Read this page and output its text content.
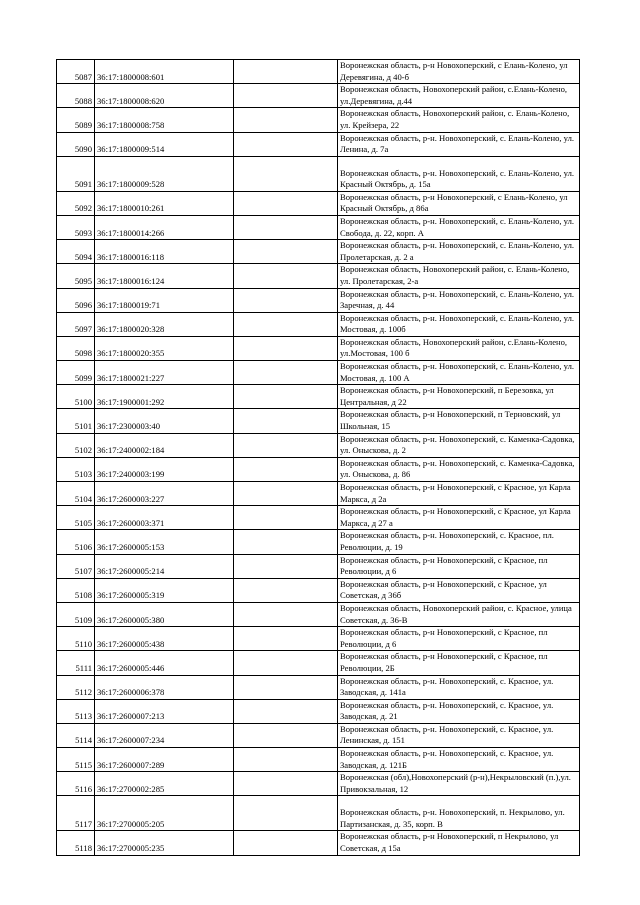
5087	36:17:1800008:601		Воронежская область, р-н Новохоперский, с Елань-Колено, ул Деревягина, д 40-б
5088	36:17:1800008:620		Воронежская область, Новохоперский район, с.Елань-Колено, ул.Деревягина, д.44
5089	36:17:1800008:758		Воронежская область, Новохоперский район, с. Елань-Колено, ул. Крейзера, 22
5090	36:17:1800009:514		Воронежская область, р-н. Новохоперский, с. Елань-Колено, ул. Ленина, д. 7а
5091	36:17:1800009:528		Воронежская область, р-н. Новохоперский, с. Елань-Колено, ул. Красный Октябрь, д. 15а
5092	36:17:1800010:261		Воронежская область, р-н Новохоперский, с Елань-Колено, ул Красный Октябрь, д 86а
5093	36:17:1800014:266		Воронежская область, р-н. Новохоперский, с. Елань-Колено, ул. Свобода, д. 22, корп. А
5094	36:17:1800016:118		Воронежская область, р-н. Новохоперский, с. Елань-Колено, ул. Пролетарская, д. 2 а
5095	36:17:1800016:124		Воронежская область, Новохоперский район, с. Елань-Колено, ул. Пролетарская, 2-а
5096	36:17:1800019:71		Воронежская область, р-н. Новохоперский, с. Елань-Колено, ул. Заречная, д. 44
5097	36:17:1800020:328		Воронежская область, р-н. Новохоперский, с. Елань-Колено, ул. Мостовая, д. 100б
5098	36:17:1800020:355		Воронежская область, Новохоперский район, с.Елань-Колено, ул.Мостовая, 100 б
5099	36:17:1800021:227		Воронежская область, р-н. Новохоперский, с. Елань-Колено, ул. Мостовая, д. 100 А
5100	36:17:1900001:292		Воронежская область, р-н Новохоперский, п Березовка, ул Центральная, д 22
5101	36:17:2300003:40		Воронежская область, р-н Новохоперский, п Терновский, ул Школьная, 15
5102	36:17:2400002:184		Воронежская область, р-н. Новохоперский, с. Каменка-Садовка, ул. Оныскова, д. 2
5103	36:17:2400003:199		Воронежская область, р-н. Новохоперский, с. Каменка-Садовка, ул. Оныскова, д. 86
5104	36:17:2600003:227		Воронежская область, р-н Новохоперский, с Красное, ул Карла Маркса, д 2а
5105	36:17:2600003:371		Воронежская область, р-н Новохоперский, с Красное, ул Карла Маркса, д 27 а
5106	36:17:2600005:153		Воронежская область, р-н. Новохоперский, с. Красное, пл. Революции, д. 19
5107	36:17:2600005:214		Воронежская область, р-н Новохоперский, с Красное, пл Революции, д 6
5108	36:17:2600005:319		Воронежская область, р-н Новохоперский, с Красное, ул Советская, д 36б
5109	36:17:2600005:380		Воронежская область, Новохоперский район, с. Красное, улица Советская, д. 36-В
5110	36:17:2600005:438		Воронежская область, р-н Новохоперский, с Красное, пл Революции, д 6
5111	36:17:2600005:446		Воронежская область, р-н Новохоперский, с Красное, пл Революции, 2Б
5112	36:17:2600006:378		Воронежская область, р-н. Новохоперский, с. Красное, ул. Заводская, д. 141а
5113	36:17:2600007:213		Воронежская область, р-н. Новохоперский, с. Красное, ул. Заводская, д. 21
5114	36:17:2600007:234		Воронежская область, р-н. Новохоперский, с. Красное, ул. Ленинская, д. 151
5115	36:17:2600007:289		Воронежская область, р-н. Новохоперский, с. Красное, ул. Заводская, д. 121Б
5116	36:17:2700002:285		Воронежская (обл),Новохоперский (р-н),Некрыловский (п.),ул. Привокзальная, 12
5117	36:17:2700005:205		Воронежская область, р-н. Новохоперский, п. Некрылово, ул. Партизанская, д. 35, корп. В
5118	36:17:2700005:235		Воронежская область, р-н Новохоперский, п Некрылово, ул Советская, д 15а
